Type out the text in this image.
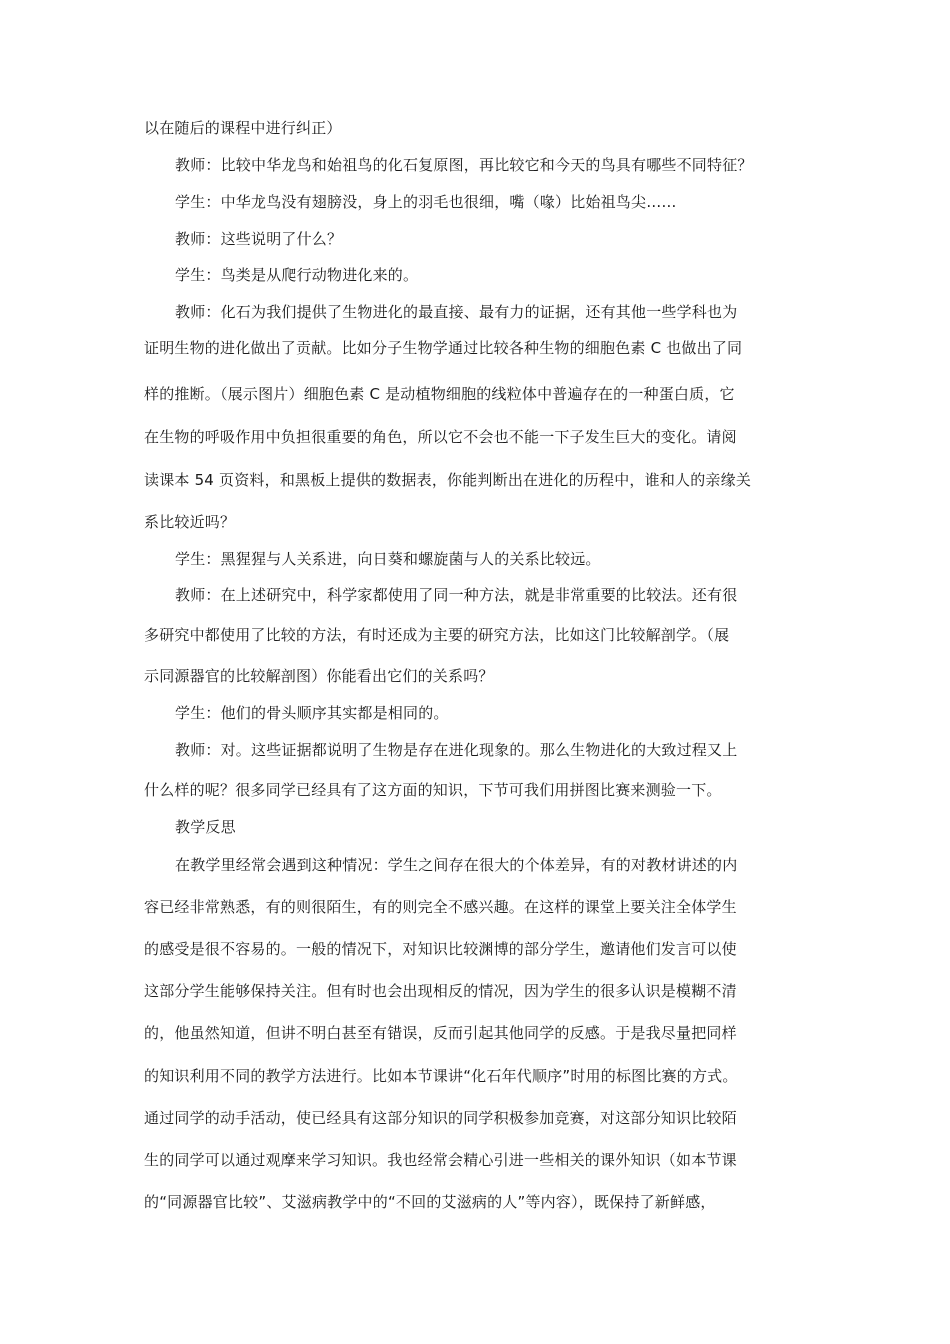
以在随后的课程中进行纠正）

教师：比较中华龙鸟和始祖鸟的化石复原图，再比较它和今天的鸟具有哪些不同特征？

学生：中华龙鸟没有翅膀没，身上的羽毛也很细，嘴（喙）比始祖鸟尖……

教师：这些说明了什么？

学生：鸟类是从爬行动物进化来的。

教师：化石为我们提供了生物进化的最直接、最有力的证据，还有其他一些学科也为

证明生物的进化做出了贡献。比如分子生物学通过比较各种生物的细胞色素 C 也做出了同

样的推断。（展示图片）细胞色素 C 是动植物细胞的线粒体中普遍存在的一种蛋白质，它

在生物的呼吸作用中负担很重要的角色，所以它不会也不能一下子发生巨大的变化。请阅

读课本 54 页资料，和黑板上提供的数据表，你能判断出在进化的历程中，谁和人的亲缘关

系比较近吗？

学生：黑猩猩与人关系进，向日葵和螺旋菌与人的关系比较远。

教师：在上述研究中，科学家都使用了同一种方法，就是非常重要的比较法。还有很

多研究中都使用了比较的方法，有时还成为主要的研究方法，比如这门比较解剖学。（展

示同源器官的比较解剖图）你能看出它们的关系吗？

学生：他们的骨头顺序其实都是相同的。

教师：对。这些证据都说明了生物是存在进化现象的。那么生物进化的大致过程又上

什么样的呢？很多同学已经具有了这方面的知识，下节可我们用拼图比赛来测验一下。

教学反思

在教学里经常会遇到这种情况：学生之间存在很大的个体差异，有的对教材讲述的内

容已经非常熟悉，有的则很陌生，有的则完全不感兴趣。在这样的课堂上要关注全体学生

的感受是很不容易的。一般的情况下，对知识比较渊博的部分学生，邀请他们发言可以使

这部分学生能够保持关注。但有时也会出现相反的情况，因为学生的很多认识是模糊不清

的，他虽然知道，但讲不明白甚至有错误，反而引起其他同学的反感。于是我尽量把同样

的知识利用不同的教学方法进行。比如本节课讲“化石年代顺序”时用的标图比赛的方式。

通过同学的动手活动，使已经具有这部分知识的同学积极参加竞赛，对这部分知识比较陌

生的同学可以通过观摩来学习知识。我也经常会精心引进一些相关的课外知识（如本节课

的“同源器官比较”、艾滋病教学中的“不回的艾滋病的人”等内容），既保持了新鲜感，
